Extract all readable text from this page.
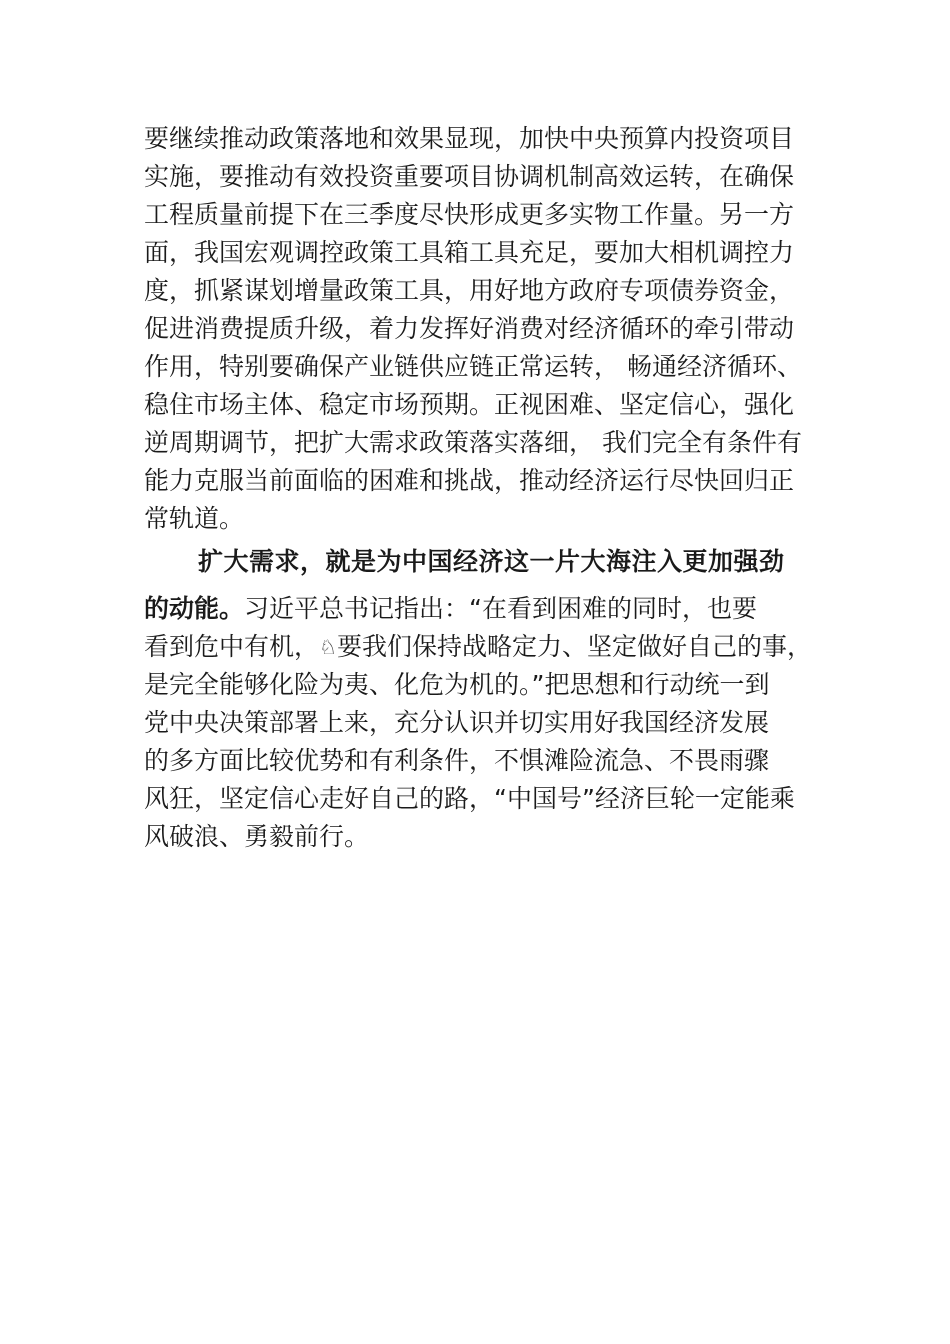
要继续推动政策落地和效果显现，加快中央预算内投资项目
实施，要推动有效投资重要项目协调机制高效运转，在确保
工程质量前提下在三季度尽快形成更多实物工作量。另一方
面，我国宏观调控政策工具箱工具充足，要加大相机调控力
度，抓紧谋划增量政策工具，用好地方政府专项债券资金，
促进消费提质升级，着力发挥好消费对经济循环的牵引带动
作用，特别要确保产业链供应链正常运转， 畅通经济循环、
稳住市场主体、稳定市场预期。正视困难、坚定信心，强化
逆周期调节，把扩大需求政策落实落细， 我们完全有条件有
能力克服当前面临的困难和挑战，推动经济运行尽快回归正
常轨道。
扩大需求，就是为中国经济这一片大海注入更加强劲
的动能。习近平总书记指出：“在看到困难的同时，也要
看到危中有机，♘要我们保持战略定力、坚定做好自己的事，
是完全能够化险为夷、化危为机的。”把思想和行动统一到
党中央决策部署上来，充分认识并切实用好我国经济发展
的多方面比较优势和有利条件，不惧滩险流急、不畏雨骤
风狂，坚定信心走好自己的路，“中国号”经济巨轮一定能乘
风破浪、勇毅前行。
